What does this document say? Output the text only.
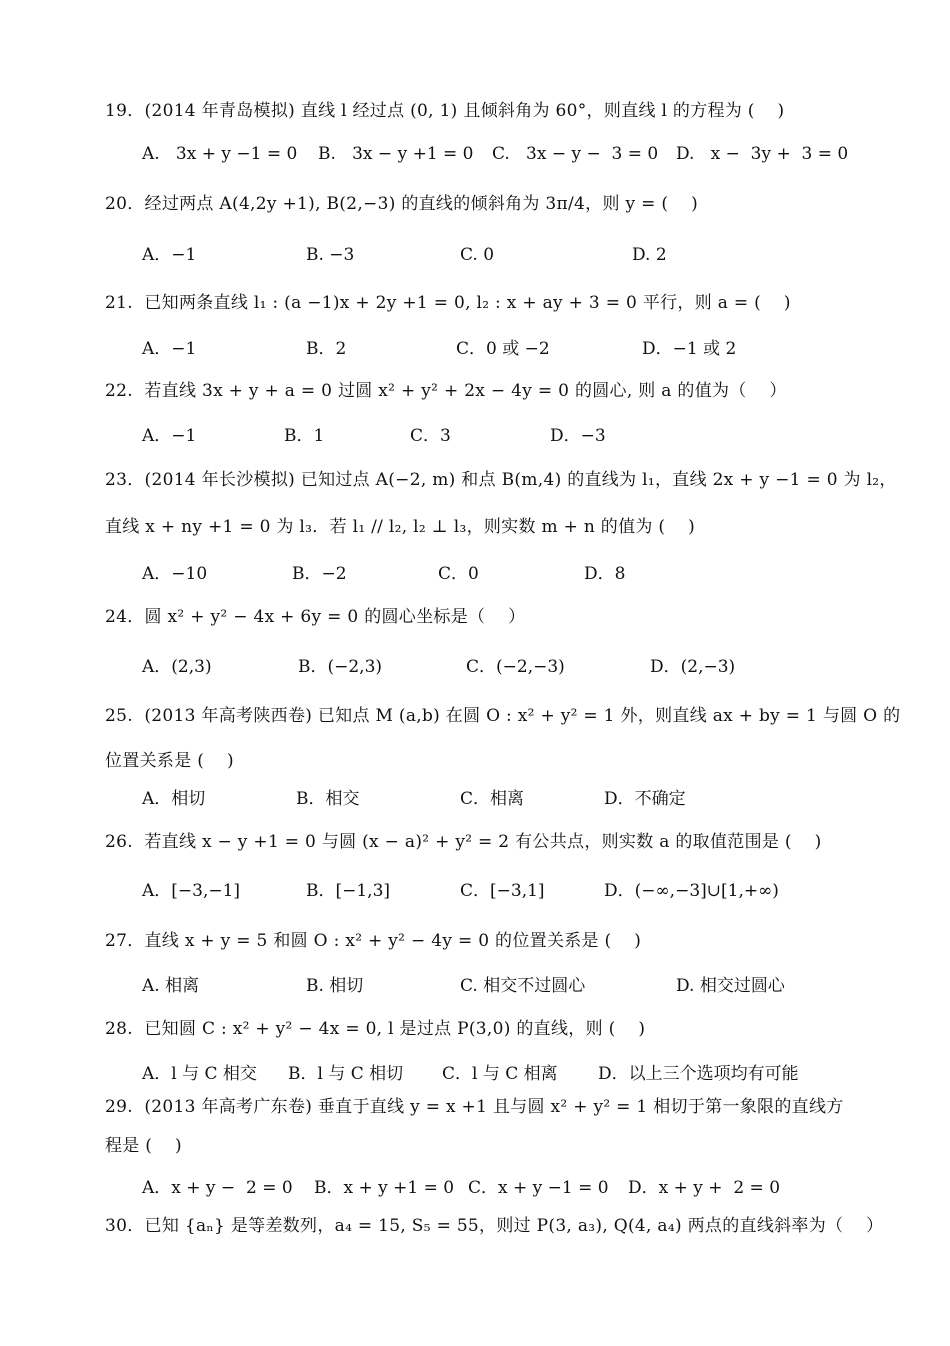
19．(2014 年青岛模拟) 直线 l 经过点 (0, 1) 且倾斜角为 60°，则直线 l 的方程为 (    )
A.   3x + y −1 = 0 B.   3x − y +1 = 0 C.   3x − y −  3 = 0 D.   x −  3y +  3 = 0
20．经过两点 A(4,2y +1), B(2,−3) 的直线的倾斜角为 3π/4，则 y = (    )
A．−1	B. −3	C. 0	D. 2
21.  已知两条直线 l₁ : (a −1)x + 2y +1 = 0, l₂ : x + ay + 3 = 0 平行，则 a = (    )
A．−1	B．2	C．0 或 −2	D．−1 或 2
22.  若直线 3x + y + a = 0 过圆 x² + y² + 2x − 4y = 0 的圆心, 则 a 的值为（    ）
A．−1	B．1	C．3	D．−3
23．(2014 年长沙模拟) 已知过点 A(−2, m) 和点 B(m,4) 的直线为 l₁，直线 2x + y −1 = 0 为 l₂，
直线 x + ny +1 = 0 为 l₃．若 l₁ // l₂, l₂ ⊥ l₃，则实数 m + n 的值为 (    )
A．−10	B．−2	C．0	D．8
24．圆 x² + y² − 4x + 6y = 0 的圆心坐标是（    ）
A．(2,3)	B．(−2,3)	C．(−2,−3)	D．(2,−3)
25.  (2013 年高考陕西卷) 已知点 M (a,b) 在圆 O : x² + y² = 1 外，则直线 ax + by = 1 与圆 O 的
位置关系是 (    )
A．相切	B．相交	C．相离	D．不确定
26.  若直线 x − y +1 = 0 与圆 (x − a)² + y² = 2 有公共点，则实数 a 的取值范围是 (    )
A．[−3,−1]	B．[−1,3]	C．[−3,1]	D．(−∞,−3]∪[1,+∞)
27．直线 x + y = 5 和圆 O : x² + y² − 4y = 0 的位置关系是 (    )
A. 相离	B. 相切	C. 相交不过圆心	D. 相交过圆心
28.  已知圆 C : x² + y² − 4x = 0, l 是过点 P(3,0) 的直线，则 (    )
A．l 与 C 相交 B．l 与 C 相切 C．l 与 C 相离 D．以上三个选项均有可能
29.  (2013 年高考广东卷) 垂直于直线 y = x +1 且与圆 x² + y² = 1 相切于第一象限的直线方
程是 (    )
A．x + y −  2 = 0 B．x + y +1 = 0 C．x + y −1 = 0 D．x + y +  2 = 0
30．已知 {aₙ} 是等差数列，a₄ = 15, S₅ = 55，则过 P(3, a₃), Q(4, a₄) 两点的直线斜率为（    ）
